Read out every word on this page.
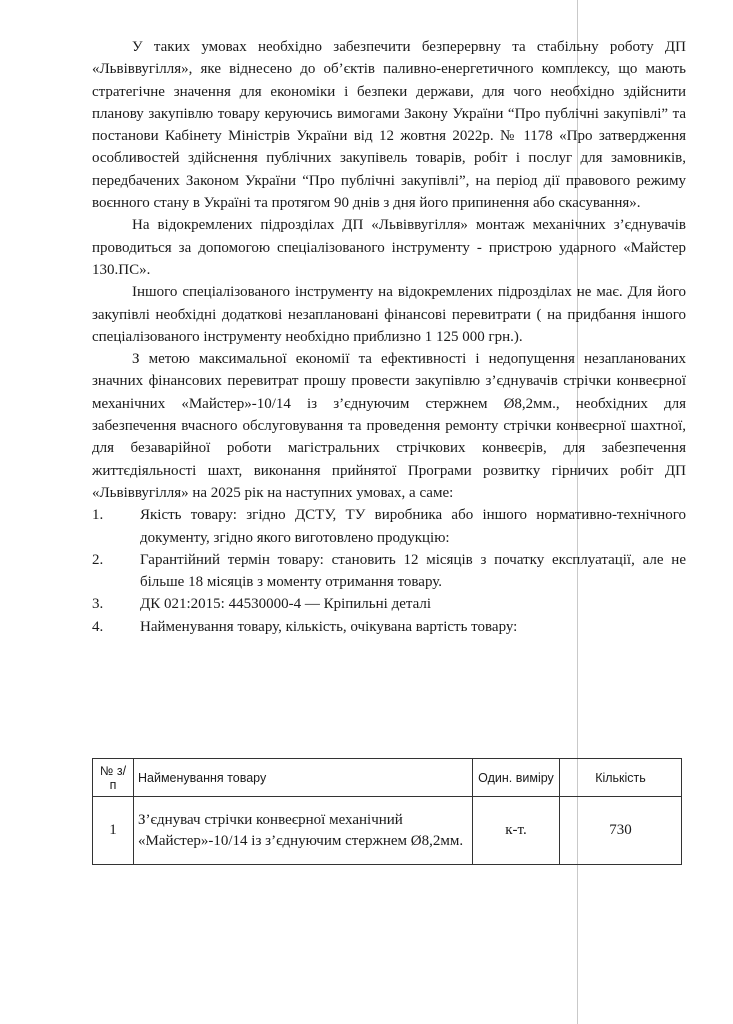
У таких умовах необхідно забезпечити безперервну та стабільну роботу ДП «Львіввугілля», яке віднесено до об’єктів паливно-енергетичного комплексу, що мають стратегічне значення для економіки і безпеки держави, для чого необхідно здійснити планову закупівлю товару керуючись вимогами Закону України “Про публічні закупівлі” та постанови Кабінету Міністрів України від 12 жовтня 2022р. № 1178 «Про затвердження особливостей здійснення публічних закупівель товарів, робіт і послуг для замовників, передбачених Законом України “Про публічні закупівлі”, на період дії правового режиму воєнного стану в Україні та протягом 90 днів з дня його припинення або скасування».

На відокремлених підрозділах ДП «Львіввугілля» монтаж механічних з’єднувачів проводиться за допомогою спеціалізованого інструменту - пристрою ударного «Майстер 130.ПС».

Іншого спеціалізованого інструменту на відокремлених підрозділах не має. Для його закупівлі необхідні додаткові незаплановані фінансові перевитрати ( на придбання іншого спеціалізованого інструменту необхідно приблизно 1 125 000 грн.).

З метою максимальної економії та ефективності і недопущення незапланованих значних фінансових перевитрат прошу провести закупівлю з’єднувачів стрічки конвеєрної механічних «Майстер»-10/14 із з’єднуючим стержнем Ø8,2мм., необхідних для забезпечення вчасного обслуговування та проведення ремонту стрічки конвеєрної шахтної, для безаварійної роботи магістральних стрічкових конвеєрів, для забезпечення життєдіяльності шахт, виконання прийнятої Програми розвитку гірничих робіт ДП «Львіввугілля» на 2025 рік на наступних умовах, а саме:

1.	Якість товару: згідно ДСТУ, ТУ виробника або іншого нормативно-технічного документу, згідно якого виготовлено продукцію:
2.	Гарантійний термін товару: становить 12 місяців з початку експлуатації, але не більше 18 місяців з моменту отримання товару.
3.	ДК 021:2015: 44530000-4 — Кріпильні деталі
4.	Найменування товару, кількість, очікувана вартість товару:
№ з/п	Найменування товару	Один. виміру	Кількість
1	З’єднувач стрічки конвеєрної механічний «Майстер»-10/14 із з’єднуючим стержнем Ø8,2мм.	к-т.	730
